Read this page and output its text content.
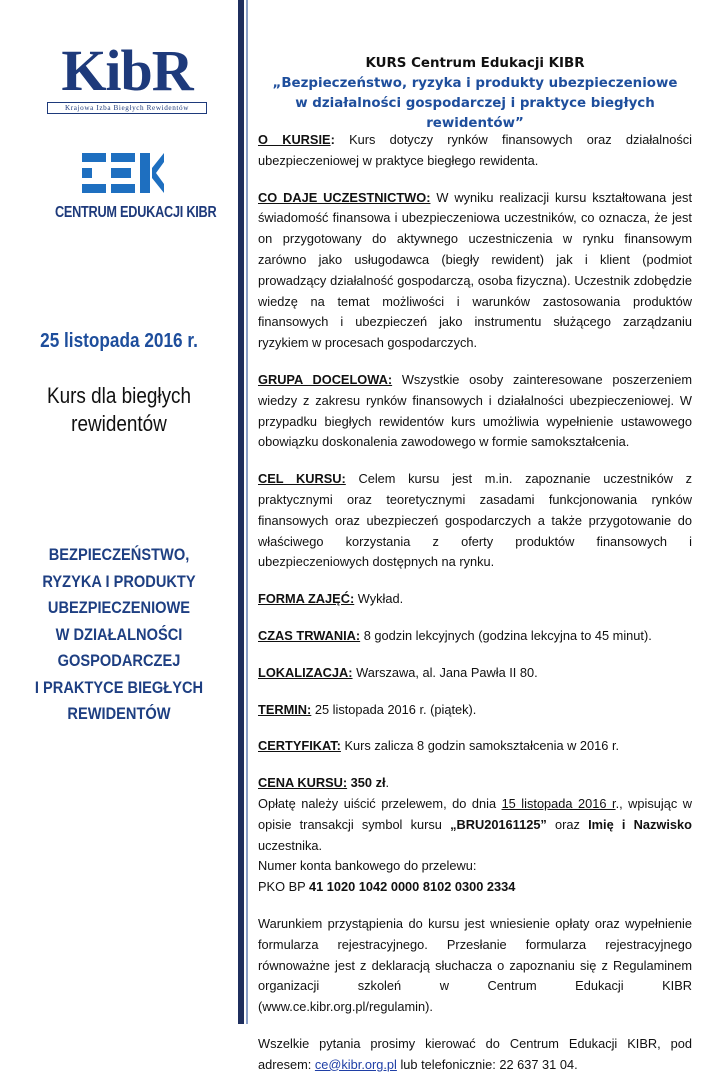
KibR
Krajowa Izba Biegłych Rewidentów
CENTRUM EDUKACJI KIBR
25 listopada 2016 r.
Kurs dla biegłych
rewidentów
BEZPIECZEŃSTWO,
RYZYKA I PRODUKTY
UBEZPIECZENIOWE
W DZIAŁALNOŚCI
GOSPODARCZEJ
I PRAKTYCE BIEGŁYCH
REWIDENTÓW
KURS Centrum Edukacji KIBR
„Bezpieczeństwo, ryzyka i produkty ubezpieczeniowe
w działalności gospodarczej i praktyce biegłych rewidentów”

O KURSIE: Kurs dotyczy rynków finansowych oraz działalności ubezpieczeniowej w praktyce biegłego rewidenta.

CO DAJE UCZESTNICTWO: W wyniku realizacji kursu kształtowana jest świadomość finansowa i ubezpieczeniowa uczestników, co oznacza, że jest on przygotowany do aktywnego uczestniczenia w rynku finansowym zarówno jako usługodawca (biegły rewident) jak i klient (podmiot prowadzący działalność gospodarczą, osoba fizyczna). Uczestnik zdobędzie wiedzę na temat możliwości i warunków zastosowania produktów finansowych i ubezpieczeń jako instrumentu służącego zarządzaniu ryzykiem w procesach gospodarczych.

GRUPA DOCELOWA: Wszystkie osoby zainteresowane poszerzeniem wiedzy z zakresu rynków finansowych i działalności ubezpieczeniowej. W przypadku biegłych rewidentów kurs umożliwia wypełnienie ustawowego obowiązku doskonalenia zawodowego w formie samokształcenia.

CEL KURSU: Celem kursu jest m.in. zapoznanie uczestników z praktycznymi oraz teoretycznymi zasadami funkcjonowania rynków finansowych oraz ubezpieczeń gospodarczych a także przygotowanie do właściwego korzystania z oferty produktów finansowych i ubezpieczeniowych dostępnych na rynku.

FORMA ZAJĘĆ: Wykład.

CZAS TRWANIA: 8 godzin lekcyjnych (godzina lekcyjna to 45 minut).

LOKALIZACJA: Warszawa, al. Jana Pawła II 80.

TERMIN: 25 listopada 2016 r. (piątek).

CERTYFIKAT: Kurs zalicza 8 godzin samokształcenia w 2016 r.

CENA KURSU: 350 zł.
Opłatę należy uiścić przelewem, do dnia 15 listopada 2016 r., wpisując w opisie transakcji symbol kursu „BRU20161125” oraz Imię i Nazwisko uczestnika.
Numer konta bankowego do przelewu:
PKO BP 41 1020 1042 0000 8102 0300 2334

Warunkiem przystąpienia do kursu jest wniesienie opłaty oraz wypełnienie formularza rejestracyjnego. Przesłanie formularza rejestracyjnego równoważne jest z deklaracją słuchacza o zapoznaniu się z Regulaminem organizacji szkoleń w Centrum Edukacji KIBR (www.ce.kibr.org.pl/regulamin).

Wszelkie pytania prosimy kierować do Centrum Edukacji KIBR, pod adresem: ce@kibr.org.pl lub telefonicznie: 22 637 31 04.
